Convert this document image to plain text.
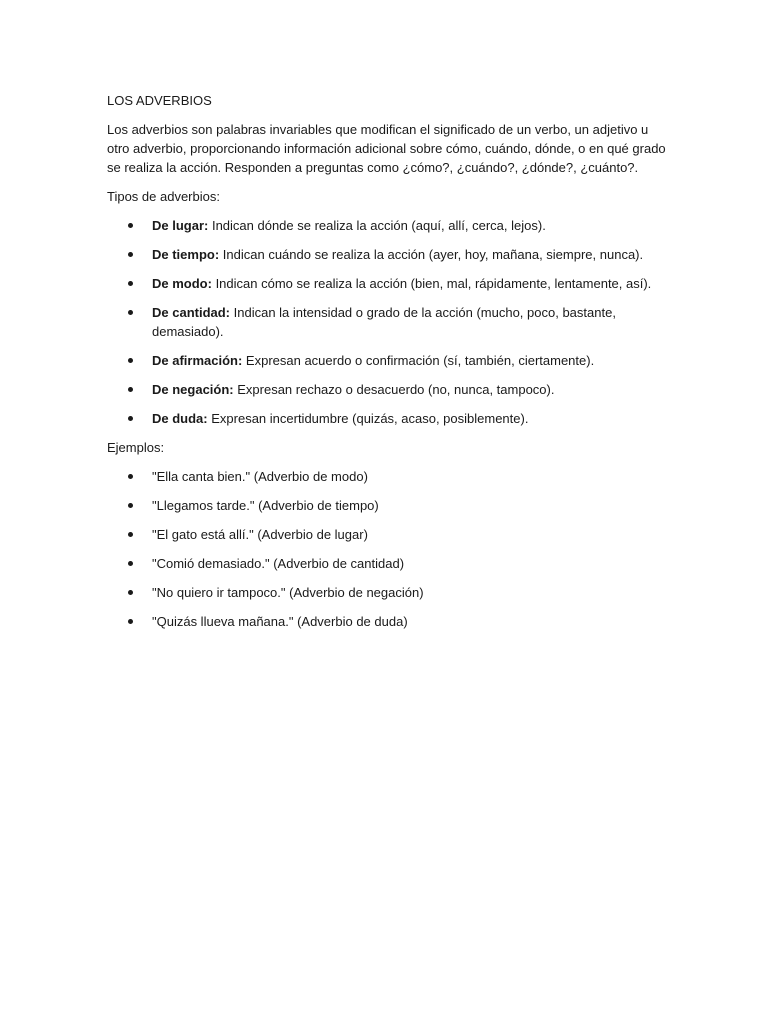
LOS ADVERBIOS

Los adverbios son palabras invariables que modifican el significado de un verbo, un adjetivo u otro adverbio, proporcionando información adicional sobre cómo, cuándo, dónde, o en qué grado se realiza la acción. Responden a preguntas como ¿cómo?, ¿cuándo?, ¿dónde?, ¿cuánto?.

Tipos de adverbios:

De lugar: Indican dónde se realiza la acción (aquí, allí, cerca, lejos).
De tiempo: Indican cuándo se realiza la acción (ayer, hoy, mañana, siempre, nunca).
De modo: Indican cómo se realiza la acción (bien, mal, rápidamente, lentamente, así).
De cantidad: Indican la intensidad o grado de la acción (mucho, poco, bastante, demasiado).
De afirmación: Expresan acuerdo o confirmación (sí, también, ciertamente).
De negación: Expresan rechazo o desacuerdo (no, nunca, tampoco).
De duda: Expresan incertidumbre (quizás, acaso, posiblemente).

Ejemplos:

"Ella canta bien." (Adverbio de modo)
"Llegamos tarde." (Adverbio de tiempo)
"El gato está allí." (Adverbio de lugar)
"Comió demasiado." (Adverbio de cantidad)
"No quiero ir tampoco." (Adverbio de negación)
"Quizás llueva mañana." (Adverbio de duda)
